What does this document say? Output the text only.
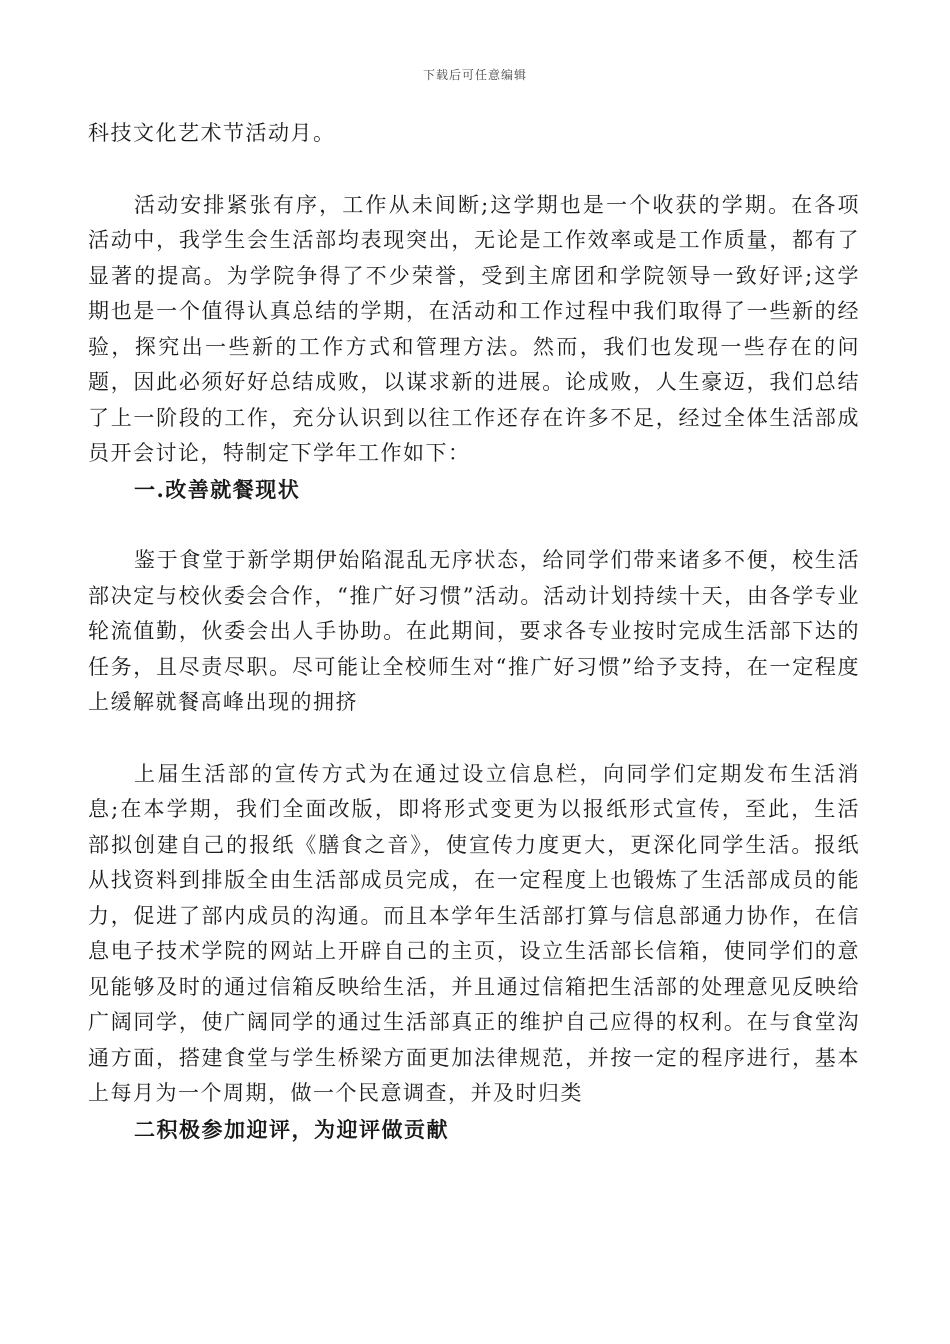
下载后可任意编辑

科技文化艺术节活动月。

活动安排紧张有序，工作从未间断;这学期也是一个收获的学期。在各项活动中，我学生会生活部均表现突出，无论是工作效率或是工作质量，都有了显著的提高。为学院争得了不少荣誉，受到主席团和学院领导一致好评;这学期也是一个值得认真总结的学期，在活动和工作过程中我们取得了一些新的经验，探究出一些新的工作方式和管理方法。然而，我们也发现一些存在的问题，因此必须好好总结成败，以谋求新的进展。论成败，人生豪迈，我们总结了上一阶段的工作，充分认识到以往工作还存在许多不足，经过全体生活部成员开会讨论，特制定下学年工作如下：

一.改善就餐现状

鉴于食堂于新学期伊始陷混乱无序状态，给同学们带来诸多不便，校生活部决定与校伙委会合作，“推广好习惯”活动。活动计划持续十天，由各学专业轮流值勤，伙委会出人手协助。在此期间，要求各专业按时完成生活部下达的任务，且尽责尽职。尽可能让全校师生对“推广好习惯”给予支持，在一定程度上缓解就餐高峰出现的拥挤

上届生活部的宣传方式为在通过设立信息栏，向同学们定期发布生活消息;在本学期，我们全面改版，即将形式变更为以报纸形式宣传，至此，生活部拟创建自己的报纸《膳食之音》，使宣传力度更大，更深化同学生活。报纸从找资料到排版全由生活部成员完成，在一定程度上也锻炼了生活部成员的能力，促进了部内成员的沟通。而且本学年生活部打算与信息部通力协作，在信息电子技术学院的网站上开辟自己的主页，设立生活部长信箱，使同学们的意见能够及时的通过信箱反映给生活，并且通过信箱把生活部的处理意见反映给广阔同学，使广阔同学的通过生活部真正的维护自己应得的权利。在与食堂沟通方面，搭建食堂与学生桥梁方面更加法律规范，并按一定的程序进行，基本上每月为一个周期，做一个民意调查，并及时归类

二积极参加迎评，为迎评做贡献
